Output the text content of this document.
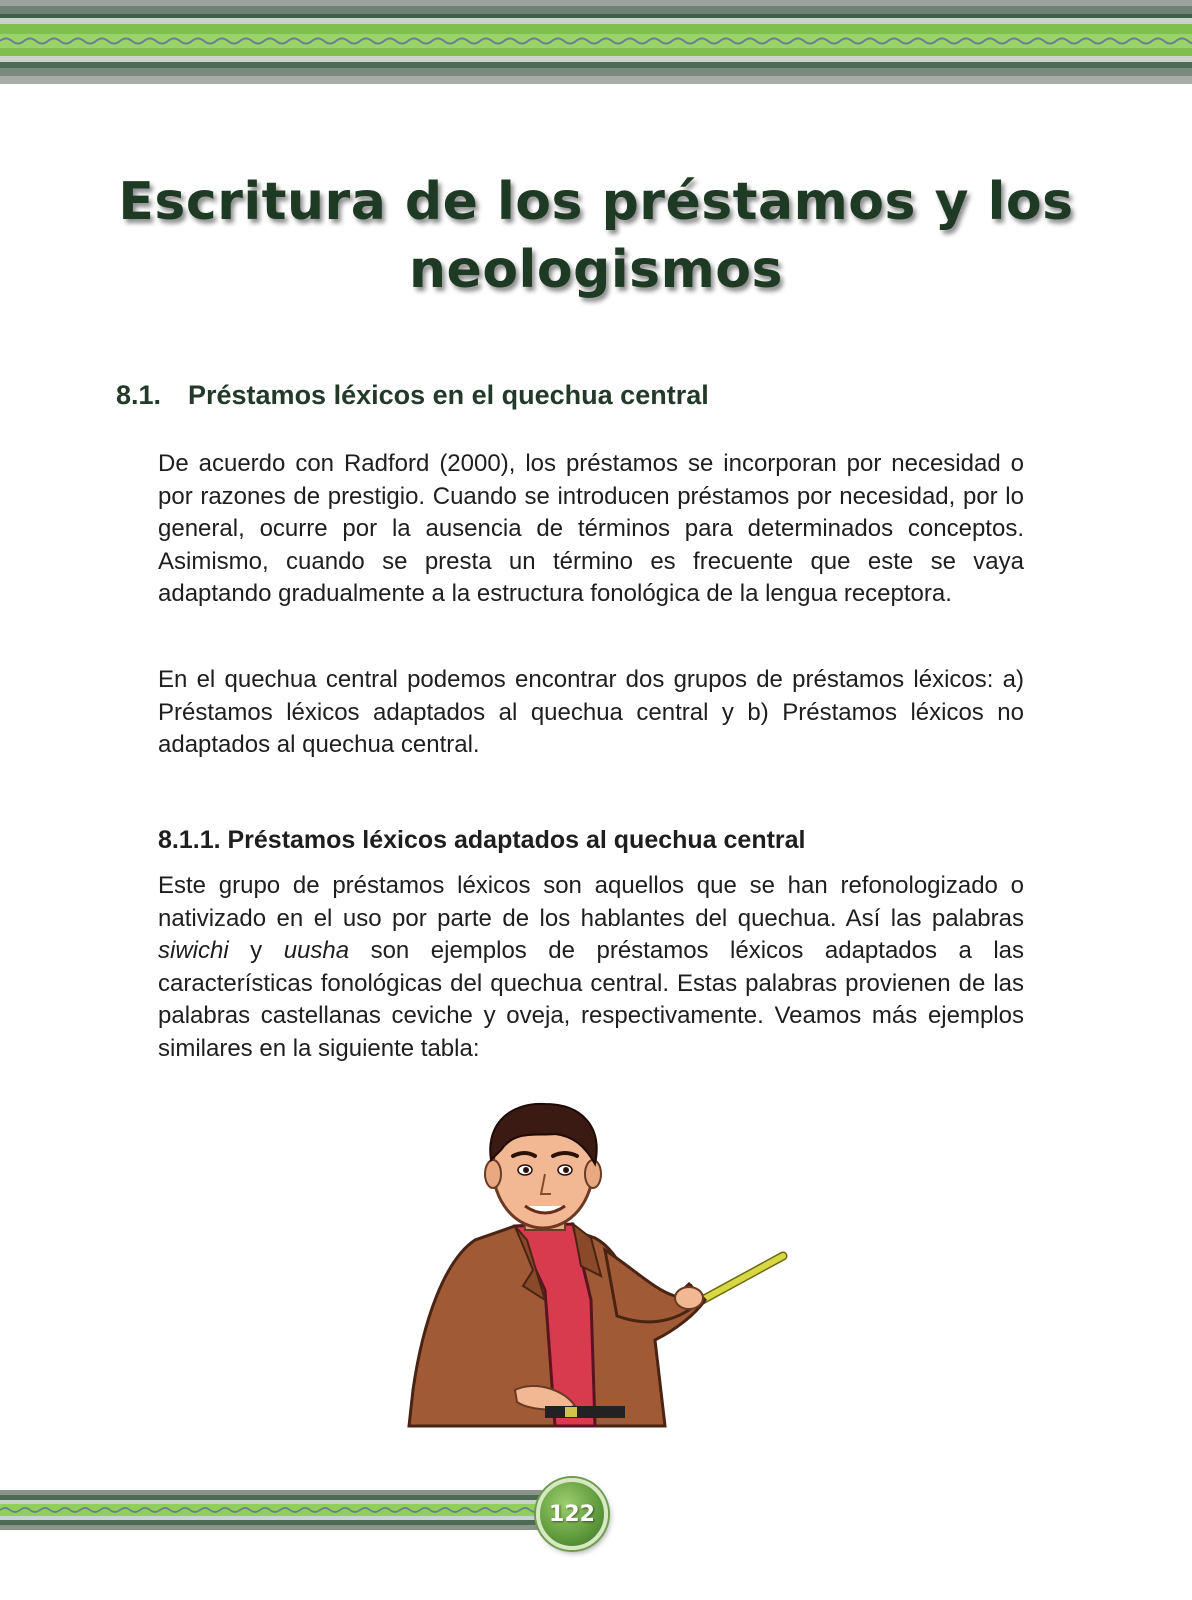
Escritura de los préstamos y los
neologismos
8.1. Préstamos léxicos en el quechua central

De acuerdo con Radford (2000), los préstamos se incorporan por necesidad o por razones de prestigio. Cuando se introducen préstamos por necesidad, por lo general, ocurre por la ausencia de términos para determinados conceptos. Asimismo, cuando se presta un término es frecuente que este se vaya adaptando gradualmente a la estructura fonológica de la lengua receptora.

En el quechua central podemos encontrar dos grupos de préstamos léxicos: a) Préstamos léxicos adaptados al quechua central y b) Préstamos léxicos no adaptados al quechua central.

8.1.1. Préstamos léxicos adaptados al quechua central

Este grupo de préstamos léxicos son aquellos que se han refonologizado o nativizado en el uso por parte de los hablantes del quechua. Así las palabras siwichi y uusha son ejemplos de préstamos léxicos adaptados a las características fonológicas del quechua central. Estas palabras provienen de las palabras castellanas ceviche y oveja, respectivamente. Veamos más ejemplos similares en la siguiente tabla:

122
